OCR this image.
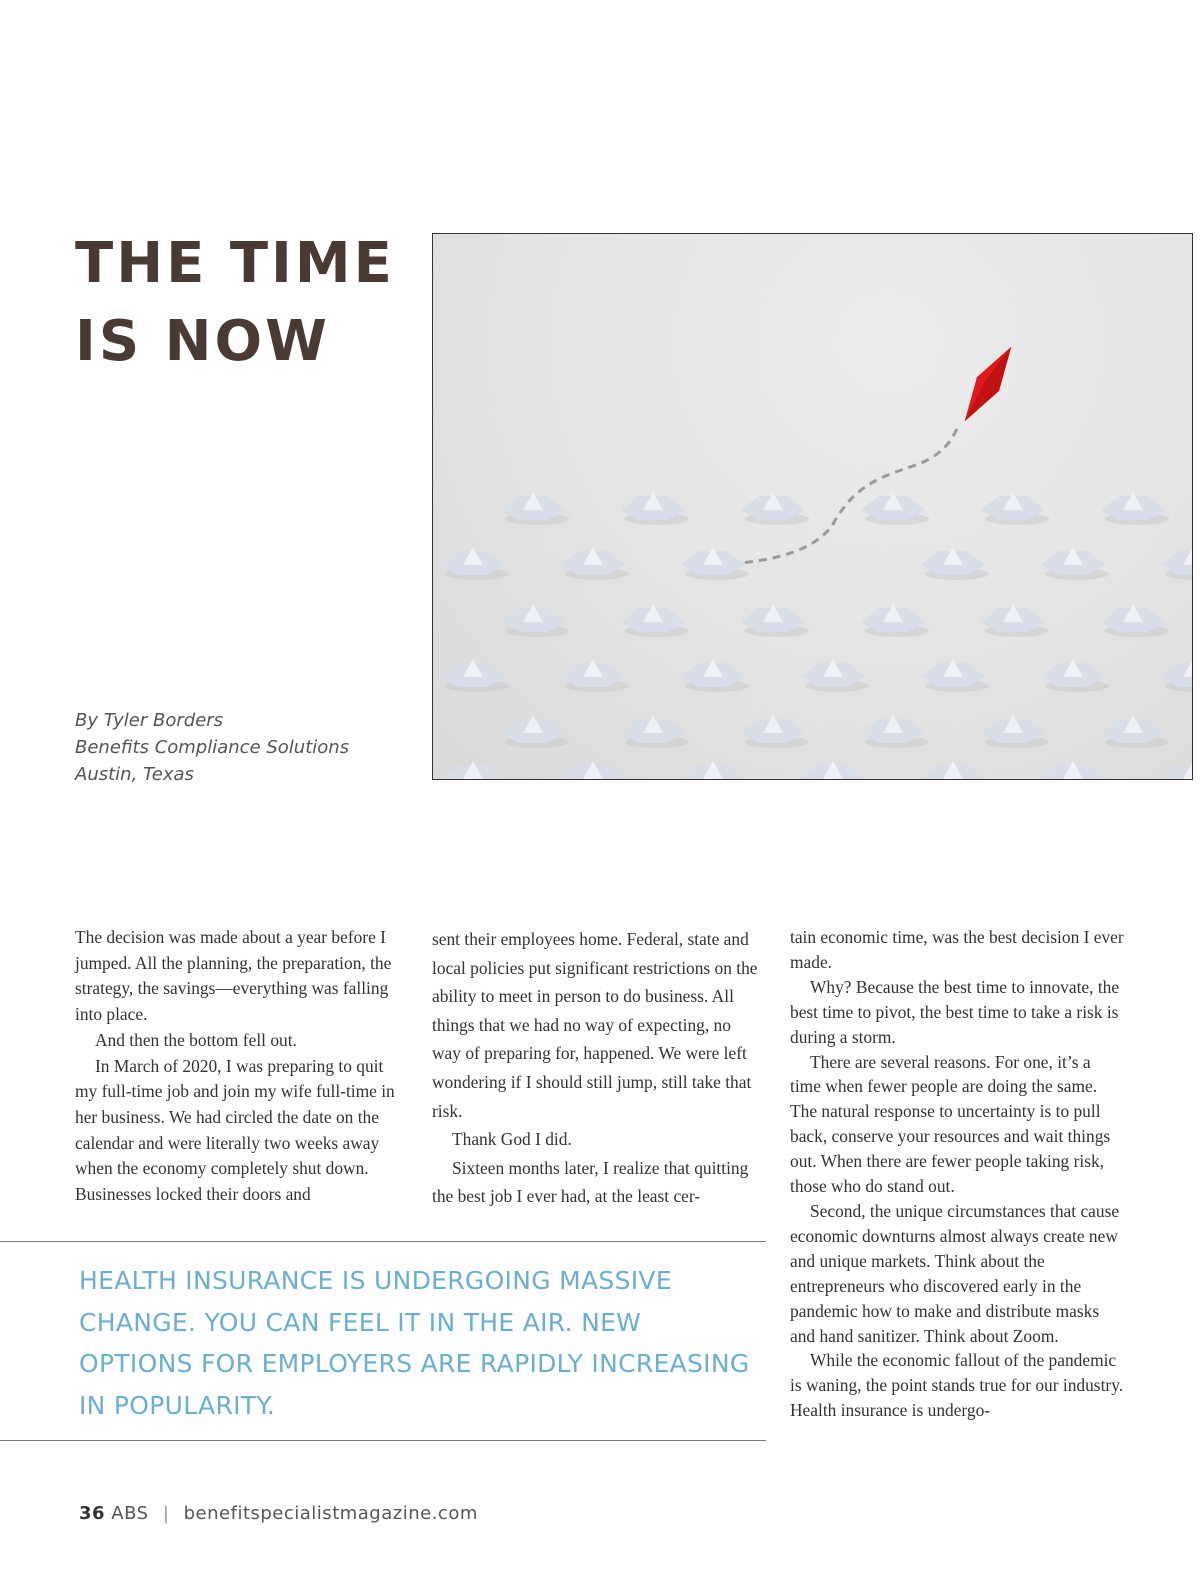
THE TIME
IS NOW
By Tyler Borders
Benefits Compliance Solutions
Austin, Texas

The decision was made about a year before I jumped. All the planning, the preparation, the strategy, the savings—everything was falling into place.

And then the bottom fell out.

In March of 2020, I was preparing to quit my full-time job and join my wife full-time in her business. We had circled the date on the calendar and were literally two weeks away when the economy completely shut down. Businesses locked their doors and

sent their employees home. Federal, state and local policies put significant restrictions on the ability to meet in person to do business. All things that we had no way of expecting, no way of preparing for, happened. We were left wondering if I should still jump, still take that risk.

Thank God I did.

Sixteen months later, I realize that quitting the best job I ever had, at the least cer-

tain economic time, was the best decision I ever made.

Why? Because the best time to innovate, the best time to pivot, the best time to take a risk is during a storm.

There are several reasons. For one, it’s a time when fewer people are doing the same. The natural response to uncertainty is to pull back, conserve your resources and wait things out. When there are fewer people taking risk, those who do stand out.

Second, the unique circumstances that cause economic downturns almost always create new and unique markets. Think about the entrepreneurs who discovered early in the pandemic how to make and distribute masks and hand sanitizer. Think about Zoom.

While the economic fallout of the pandemic is waning, the point stands true for our industry. Health insurance is undergo-

HEALTH INSURANCE IS UNDERGOING MASSIVE CHANGE. YOU CAN FEEL IT IN THE AIR. NEW OPTIONS FOR EMPLOYERS ARE RAPIDLY INCREASING IN POPULARITY.

36 ABS | benefitspecialistmagazine.com
